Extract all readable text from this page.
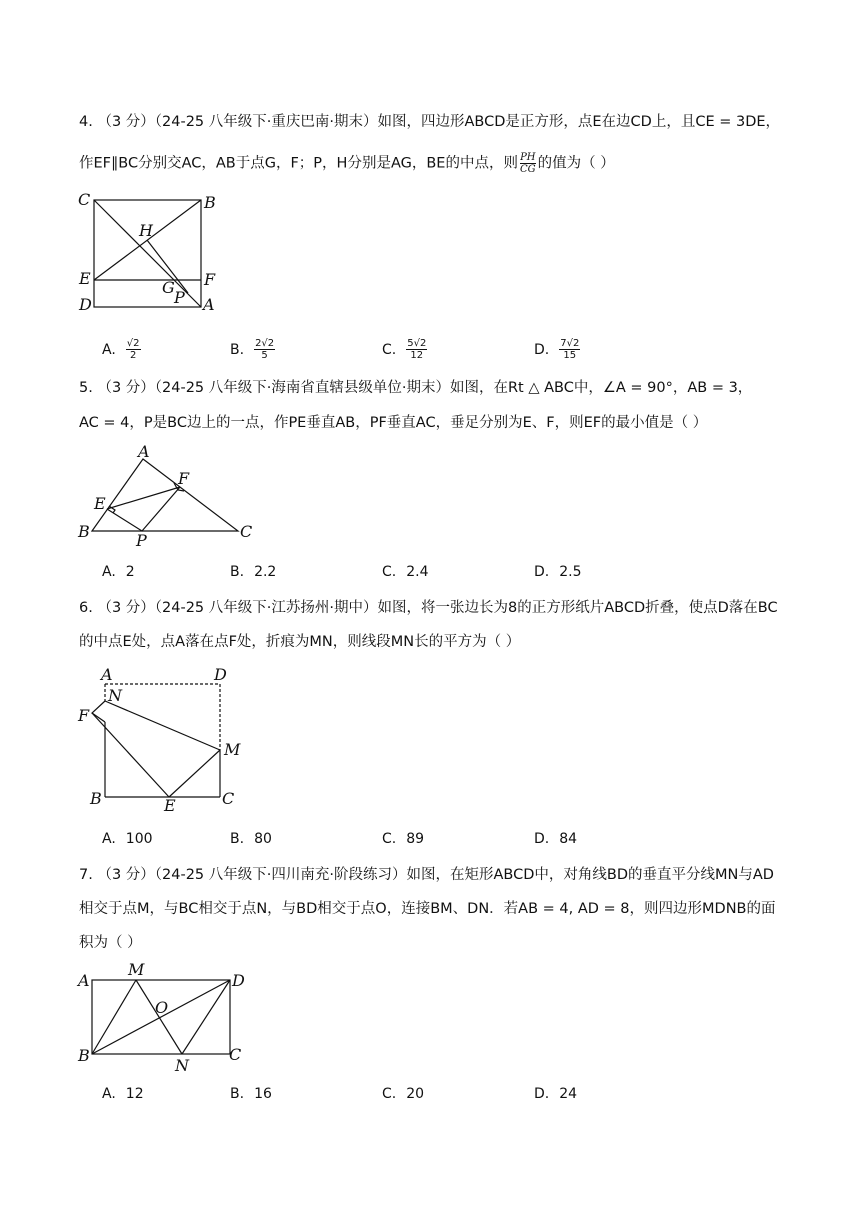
4. （3 分）（24-25 八年级下·重庆巴南·期末）如图，四边形ABCD是正方形，点E在边CD上，且CE = 3DE，
作EF∥BC分别交AC，AB于点G，F；P，H分别是AG，BE的中点，则 $\frac{PH}{CG}$ 的值为（ ）
C	B
H
E	F
G
P
D	A
A. $\frac{√2}{2}$	B. $\frac{2√2}{5}$	C. $\frac{5√2}{12}$	D. $\frac{7√2}{15}$
5. （3 分）（24-25 八年级下·海南省直辖县级单位·期末）如图，在Rt △ ABC中，∠A = 90°，AB = 3，
AC = 4，P是BC边上的一点，作PE垂直AB，PF垂直AC，垂足分别为E、F，则EF的最小值是（ ）
A
F
E
B	P	C
A. 2	B. 2.2	C. 2.4	D. 2.5
6. （3 分）（24-25 八年级下·江苏扬州·期中）如图，将一张边长为8的正方形纸片ABCD折叠，使点D落在BC
的中点E处，点A落在点F处，折痕为MN，则线段MN长的平方为（ ）
A	D
N
F
M
B	E	C
A. 100	B. 80	C. 89	D. 84
7. （3 分）（24-25 八年级下·四川南充·阶段练习）如图，在矩形ABCD中，对角线BD的垂直平分线MN与AD
相交于点M，与BC相交于点N，与BD相交于点O，连接BM、DN．若AB = 4, AD = 8，则四边形MDNB的面
积为（ ）
A
M
D
O
B
N
C
A. 12	B. 16	C. 20	D. 24
